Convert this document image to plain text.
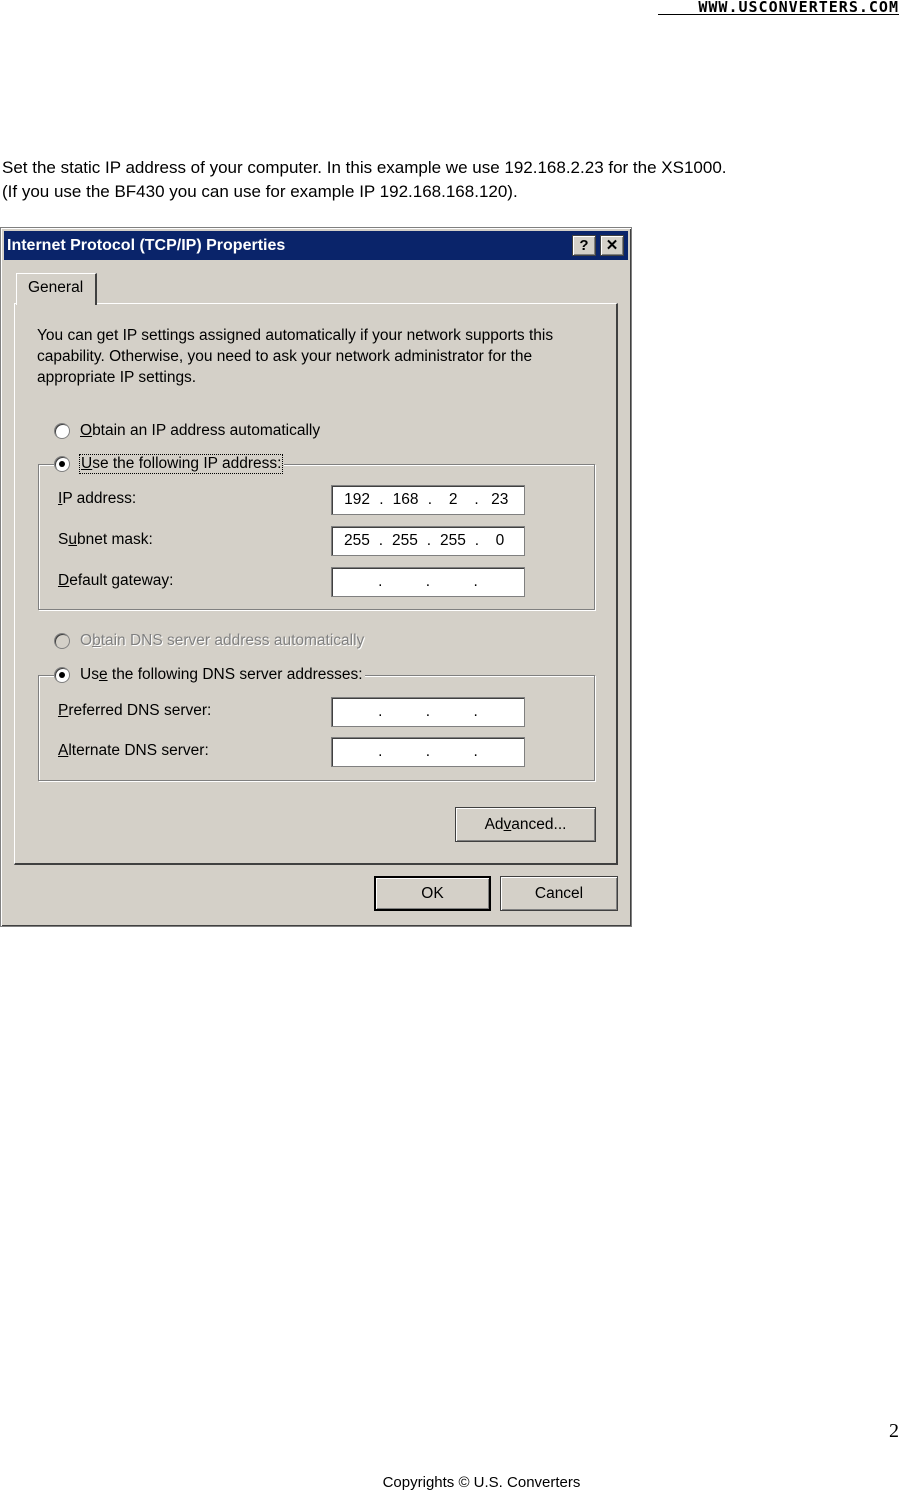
WWW.USCONVERTERS.COM

Set the static IP address of your computer. In this example we use 192.168.2.23 for the XS1000.

(If you use the BF430 you can use for example IP 192.168.168.120).

Internet Protocol (TCP/IP) Properties	?	✕
General
You can get IP settings assigned automatically if your network supports this capability. Otherwise, you need to ask your network administrator for the appropriate IP settings.
Obtain an IP address automatically
Use the following IP address:
IP address:	192 . 168 .	2	. 23
Subnet mask:	255 . 255 . 255 .	0
Default gateway:	.	.	.
Obtain DNS server address automatically
Use the following DNS server addresses:
Preferred DNS server:	.	.	.
Alternate DNS server:	.	.	.
Advanced...
OK	Cancel
2
Copyrights © U.S. Converters
